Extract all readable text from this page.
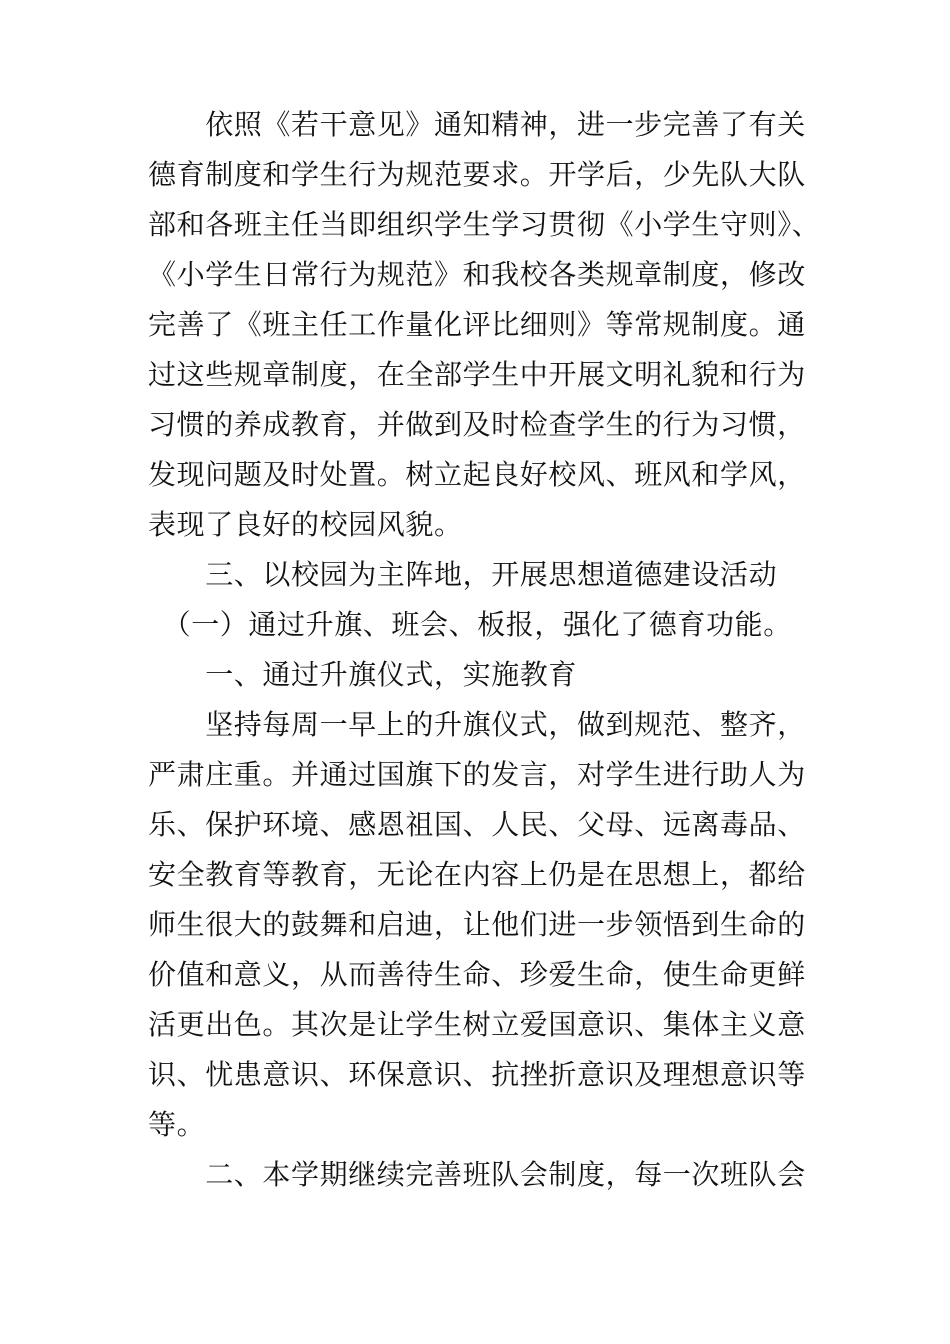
　　依照《若干意见》通知精神，进一步完善了有关
德育制度和学生行为规范要求。开学后，少先队大队
部和各班主任当即组织学生学习贯彻《小学生守则》、
《小学生日常行为规范》和我校各类规章制度，修改
完善了《班主任工作量化评比细则》等常规制度。通
过这些规章制度，在全部学生中开展文明礼貌和行为
习惯的养成教育，并做到及时检查学生的行为习惯，
发现问题及时处置。树立起良好校风、班风和学风，
表现了良好的校园风貌。
　　三、以校园为主阵地，开展思想道德建设活动
　（一）通过升旗、班会、板报，强化了德育功能。
　　一、通过升旗仪式，实施教育
　　坚持每周一早上的升旗仪式，做到规范、整齐，
严肃庄重。并通过国旗下的发言，对学生进行助人为
乐、保护环境、感恩祖国、人民、父母、远离毒品、
安全教育等教育，无论在内容上仍是在思想上，都给
师生很大的鼓舞和启迪，让他们进一步领悟到生命的
价值和意义，从而善待生命、珍爱生命，使生命更鲜
活更出色。其次是让学生树立爱国意识、集体主义意
识、忧患意识、环保意识、抗挫折意识及理想意识等
等。
　　二、本学期继续完善班队会制度，每一次班队会
